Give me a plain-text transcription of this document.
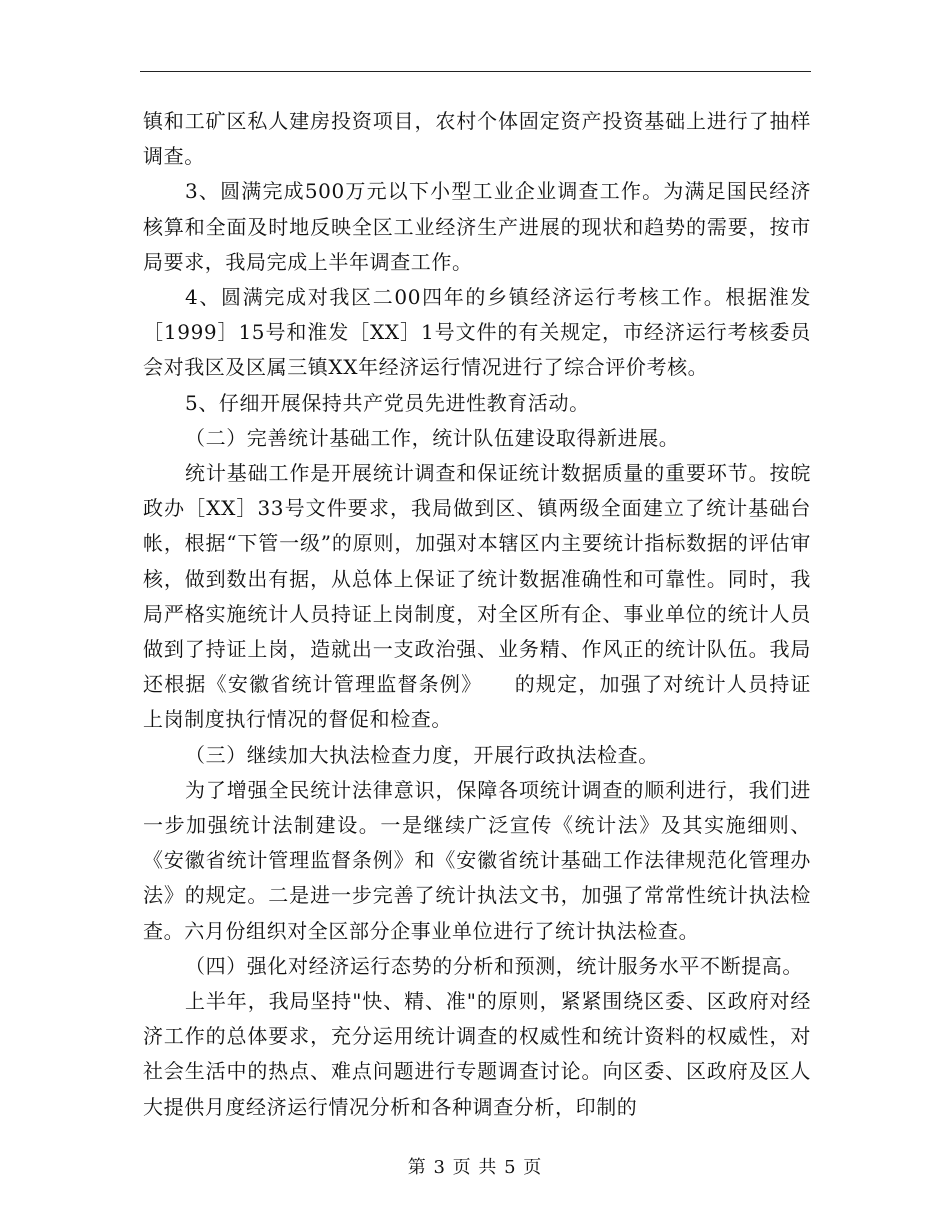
镇和工矿区私人建房投资项目，农村个体固定资产投资基础上进行了抽样调查。

3、圆满完成500万元以下小型工业企业调查工作。为满足国民经济核算和全面及时地反映全区工业经济生产进展的现状和趋势的需要，按市局要求，我局完成上半年调查工作。

4、圆满完成对我区二00四年的乡镇经济运行考核工作。根据淮发［1999］15号和淮发［XX］1号文件的有关规定，市经济运行考核委员会对我区及区属三镇XX年经济运行情况进行了综合评价考核。

5、仔细开展保持共产党员先进性教育活动。

（二）完善统计基础工作，统计队伍建设取得新进展。

统计基础工作是开展统计调查和保证统计数据质量的重要环节。按皖政办［XX］33号文件要求，我局做到区、镇两级全面建立了统计基础台帐，根据“下管一级”的原则，加强对本辖区内主要统计指标数据的评估审核，做到数出有据，从总体上保证了统计数据准确性和可靠性。同时，我局严格实施统计人员持证上岗制度，对全区所有企、事业单位的统计人员做到了持证上岗，造就出一支政治强、业务精、作风正的统计队伍。我局还根据《安徽省统计管理监督条例》　　的规定，加强了对统计人员持证上岗制度执行情况的督促和检查。

（三）继续加大执法检查力度，开展行政执法检查。

为了增强全民统计法律意识，保障各项统计调查的顺利进行，我们进一步加强统计法制建设。一是继续广泛宣传《统计法》及其实施细则、《安徽省统计管理监督条例》和《安徽省统计基础工作法律规范化管理办法》的规定。二是进一步完善了统计执法文书，加强了常常性统计执法检查。六月份组织对全区部分企事业单位进行了统计执法检查。

（四）强化对经济运行态势的分析和预测，统计服务水平不断提高。

上半年，我局坚持"快、精、准"的原则，紧紧围绕区委、区政府对经济工作的总体要求，充分运用统计调查的权威性和统计资料的权威性，对社会生活中的热点、难点问题进行专题调查讨论。向区委、区政府及区人大提供月度经济运行情况分析和各种调查分析，印制的

第 3 页 共 5 页
